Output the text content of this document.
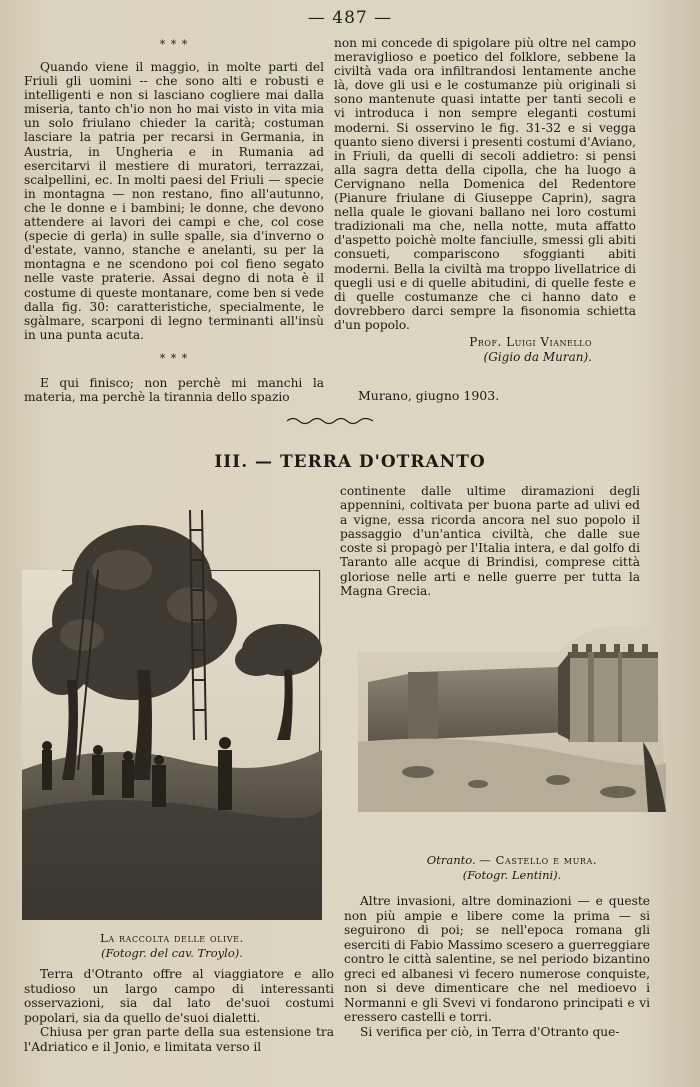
— 487 —
* * *

Quando viene il maggio, in molte parti del Friuli gli uomini -- che sono alti e robusti e intelligenti e non si lasciano cogliere mai dalla miseria, tanto ch'io non ho mai visto in vita mia un solo friulano chieder la carità; costuman lasciare la patria per recarsi in Germania, in Austria, in Ungheria e in Rumania ad esercitarvi il mestiere di muratori, terrazzai, scalpellini, ec. In molti paesi del Friuli — specie in montagna — non restano, fino all'autunno, che le donne e i bambini; le donne, che devono attendere ai lavori dei campi e che, col cose (specie di gerla) in sulle spalle, sia d'inverno o d'estate, vanno, stanche e anelanti, su per la montagna e ne scendono poi col fieno segato nelle vaste praterie. Assai degno di nota è il costume di queste montanare, come ben si vede dalla fig. 30: caratteristiche, specialmente, le sgàlmare, scarponi di legno terminanti all'insù in una punta acuta.

* * *

E qui finisco; non perchè mi manchi la materia, ma perchè la tirannia dello spazio

non mi concede di spigolare più oltre nel campo meraviglioso e poetico del folklore, sebbene la civiltà vada ora infiltrandosi lentamente anche là, dove gli usi e le costumanze più originali si sono mantenute quasi intatte per tanti secoli e vi introduca i non sempre eleganti costumi moderni. Si osservino le fig. 31-32 e si vegga quanto sieno diversi i presenti costumi d'Aviano, in Friuli, da quelli di secoli addietro: si pensi alla sagra detta della cipolla, che ha luogo a Cervignano nella Domenica del Redentore (Pianure friulane di Giuseppe Caprin), sagra nella quale le giovani ballano nei loro costumi tradizionali ma che, nella notte, muta affatto d'aspetto poichè molte fanciulle, smessi gli abiti consueti, compariscono sfoggianti abiti moderni. Bella la civiltà ma troppo livellatrice di quegli usi e di quelle abitudini, di quelle feste e di quelle costumanze che ci hanno dato e dovrebbero darci sempre la fisonomia schietta d'un popolo.

Prof. Luigi Vianello
(Gigio da Muran).
Murano, giugno 1903.
III. — TERRA D'OTRANTO

continente dalle ultime diramazioni degli appennini, coltivata per buona parte ad ulivi ed a vigne, essa ricorda ancora nel suo popolo il passaggio d'un'antica civiltà, che dalle sue coste si propagò per l'Italia intera, e dal golfo di Taranto alle acque di Brindisi, comprese città gloriose nelle arti e nelle guerre per tutta la Magna Grecia.

La raccolta delle olive.
(Fotogr. del cav. Troylo).

Terra d'Otranto offre al viaggiatore e allo studioso un largo campo di interessanti osservazioni, sia dal lato de'suoi costumi popolari, sia da quello de'suoi dialetti.

Chiusa per gran parte della sua estensione tra l'Adriatico e il Jonio, e limitata verso il

Otranto. — Castello e mura.
(Fotogr. Lentini).

Altre invasioni, altre dominazioni — e queste non più ampie e libere come la prima — si seguirono di poi; se nell'epoca romana gli eserciti di Fabio Massimo scesero a guerreggiare contro le città salentine, se nel periodo bizantino greci ed albanesi vi fecero numerose conquiste, non si deve dimenticare che nel medioevo i Normanni e gli Svevi vi fondarono principati e vi eressero castelli e torri.

Si verifica per ciò, in Terra d'Otranto que-
